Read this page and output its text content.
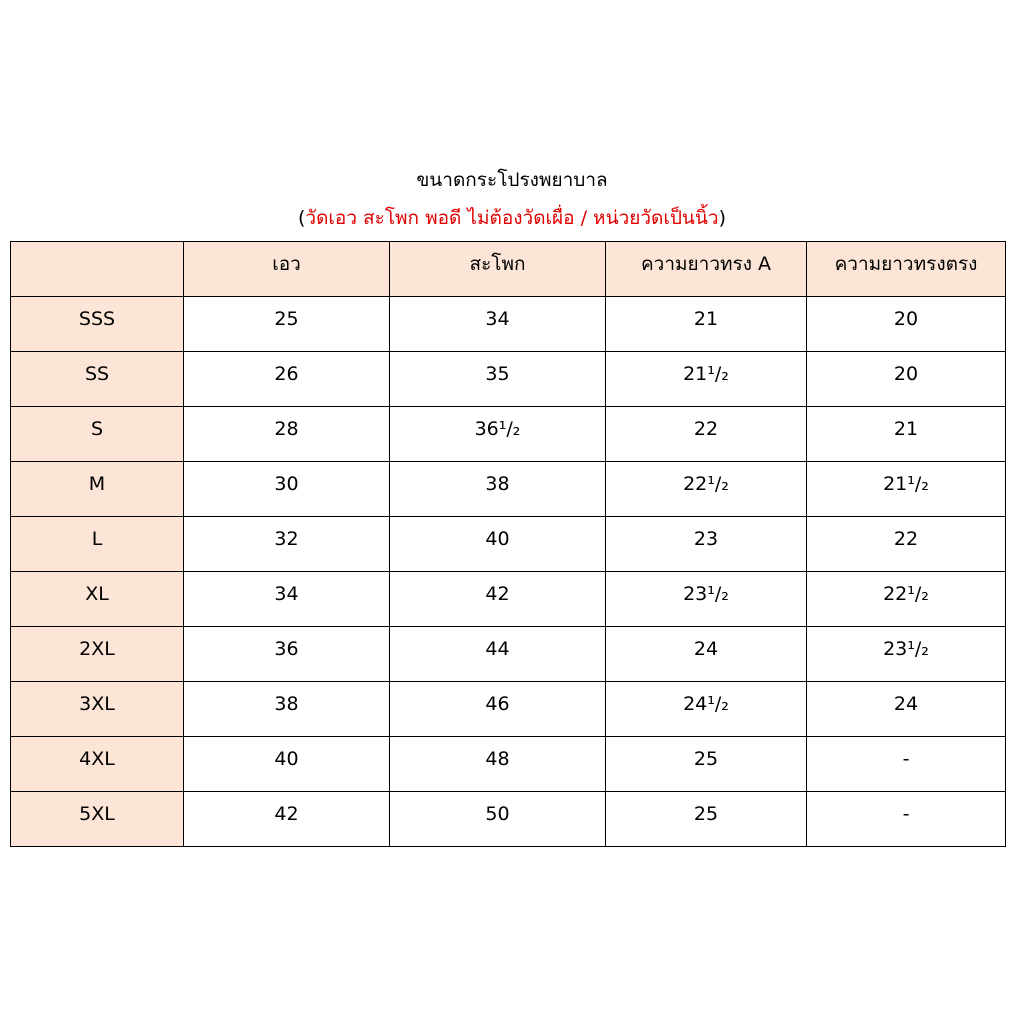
ขนาดกระโปรงพยาบาล
(วัดเอว สะโพก พอดี ไม่ต้องวัดเผื่อ / หน่วยวัดเป็นนิ้ว)
	เอว	สะโพก	ความยาวทรง A	ความยาวทรงตรง
SSS	25	34	21	20
SS	26	35	21¹/₂	20
S	28	36¹/₂	22	21
M	30	38	22¹/₂	21¹/₂
L	32	40	23	22
XL	34	42	23¹/₂	22¹/₂
2XL	36	44	24	23¹/₂
3XL	38	46	24¹/₂	24
4XL	40	48	25	-
5XL	42	50	25	-
